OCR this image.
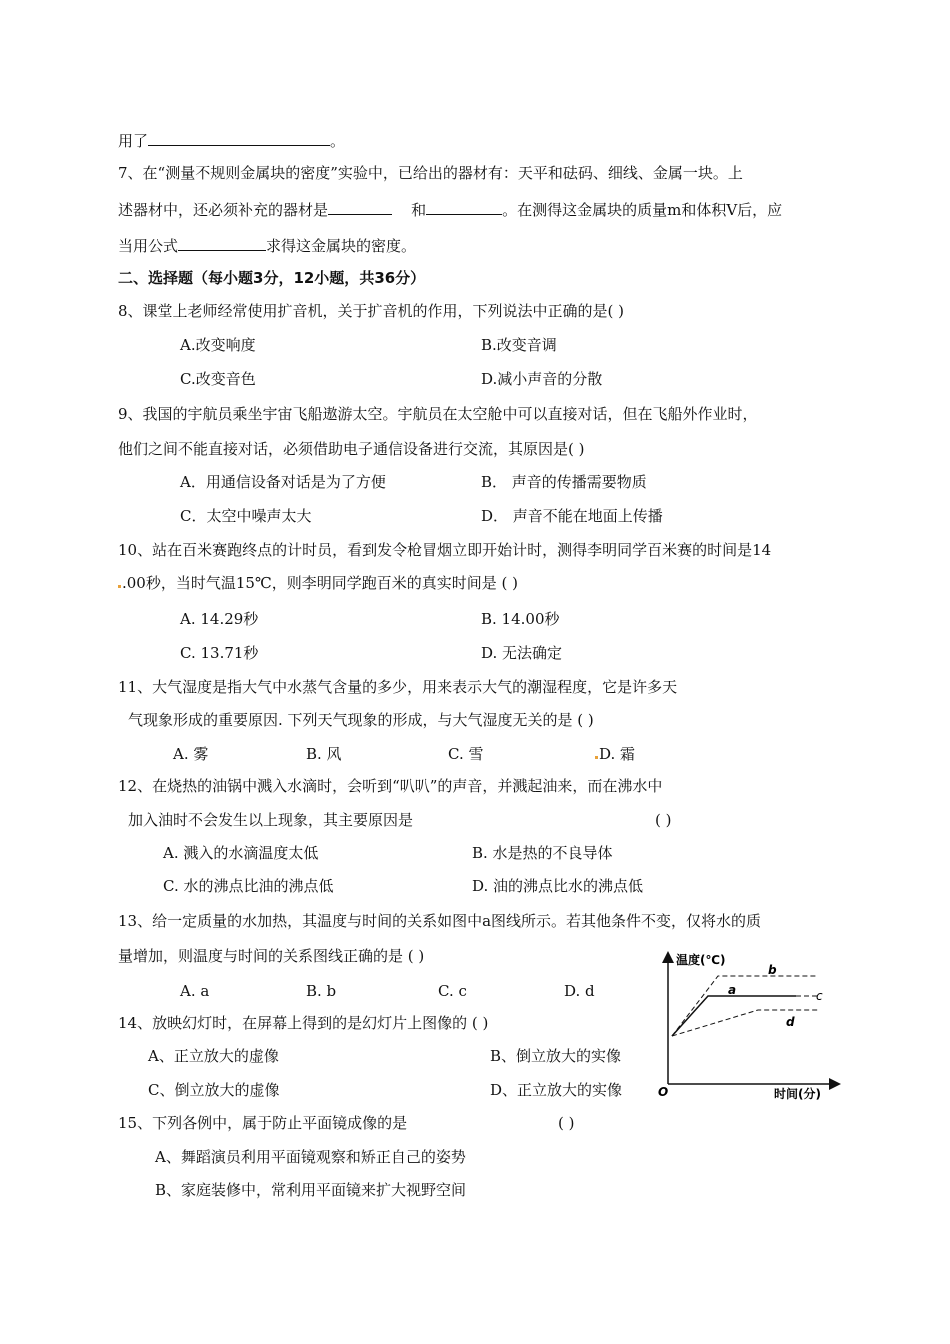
用了	。
7、在“测量不规则金属块的密度”实验中，已给出的器材有：天平和砝码、细线、金属一块。上
述器材中，还必须补充的器材是	和	。在测得这金属块的质量m和体积V后，应
当用公式	求得这金属块的密度。
二、选择题（每小题3分，12小题，共36分）
8、课堂上老师经常使用扩音机，关于扩音机的作用，下列说法中正确的是( )
A.改变响度	B.改变音调
C.改变音色	D.减小声音的分散
9、我国的宇航员乘坐宇宙飞船遨游太空。宇航员在太空舱中可以直接对话，但在飞船外作业时，
他们之间不能直接对话，必须借助电子通信设备进行交流，其原因是( )
A．用通信设备对话是为了方便	B． 声音的传播需要物质
C．太空中噪声太大	D． 声音不能在地面上传播
10、站在百米赛跑终点的计时员，看到发令枪冒烟立即开始计时，测得李明同学百米赛的时间是14
.00秒，当时气温15℃，则李明同学跑百米的真实时间是 ( )
A. 14.29秒	B. 14.00秒
C. 13.71秒	D. 无法确定
11、大气湿度是指大气中水蒸气含量的多少，用来表示大气的潮湿程度，它是许多天
气现象形成的重要原因. 下列天气现象的形成，与大气湿度无关的是 ( )
A. 雾	B. 风	C. 雪	D. 霜
12、在烧热的油锅中溅入水滴时，会听到“叭叭”的声音，并溅起油来，而在沸水中
加入油时不会发生以上现象，其主要原因是	( )
A. 溅入的水滴温度太低	B. 水是热的不良导体
C. 水的沸点比油的沸点低	D. 油的沸点比水的沸点低
13、给一定质量的水加热，其温度与时间的关系如图中a图线所示。若其他条件不变，仅将水的质
量增加，则温度与时间的关系图线正确的是 ( )
A. a	B. b	C. c	D. d
温度(℃)
时间(分)
O
a
b
c
d
14、放映幻灯时，在屏幕上得到的是幻灯片上图像的 ( )
A、正立放大的虚像	B、倒立放大的实像
C、倒立放大的虚像	D、正立放大的实像
15、下列各例中，属于防止平面镜成像的是	( )
A、舞蹈演员利用平面镜观察和矫正自己的姿势
B、家庭装修中，常利用平面镜来扩大视野空间
